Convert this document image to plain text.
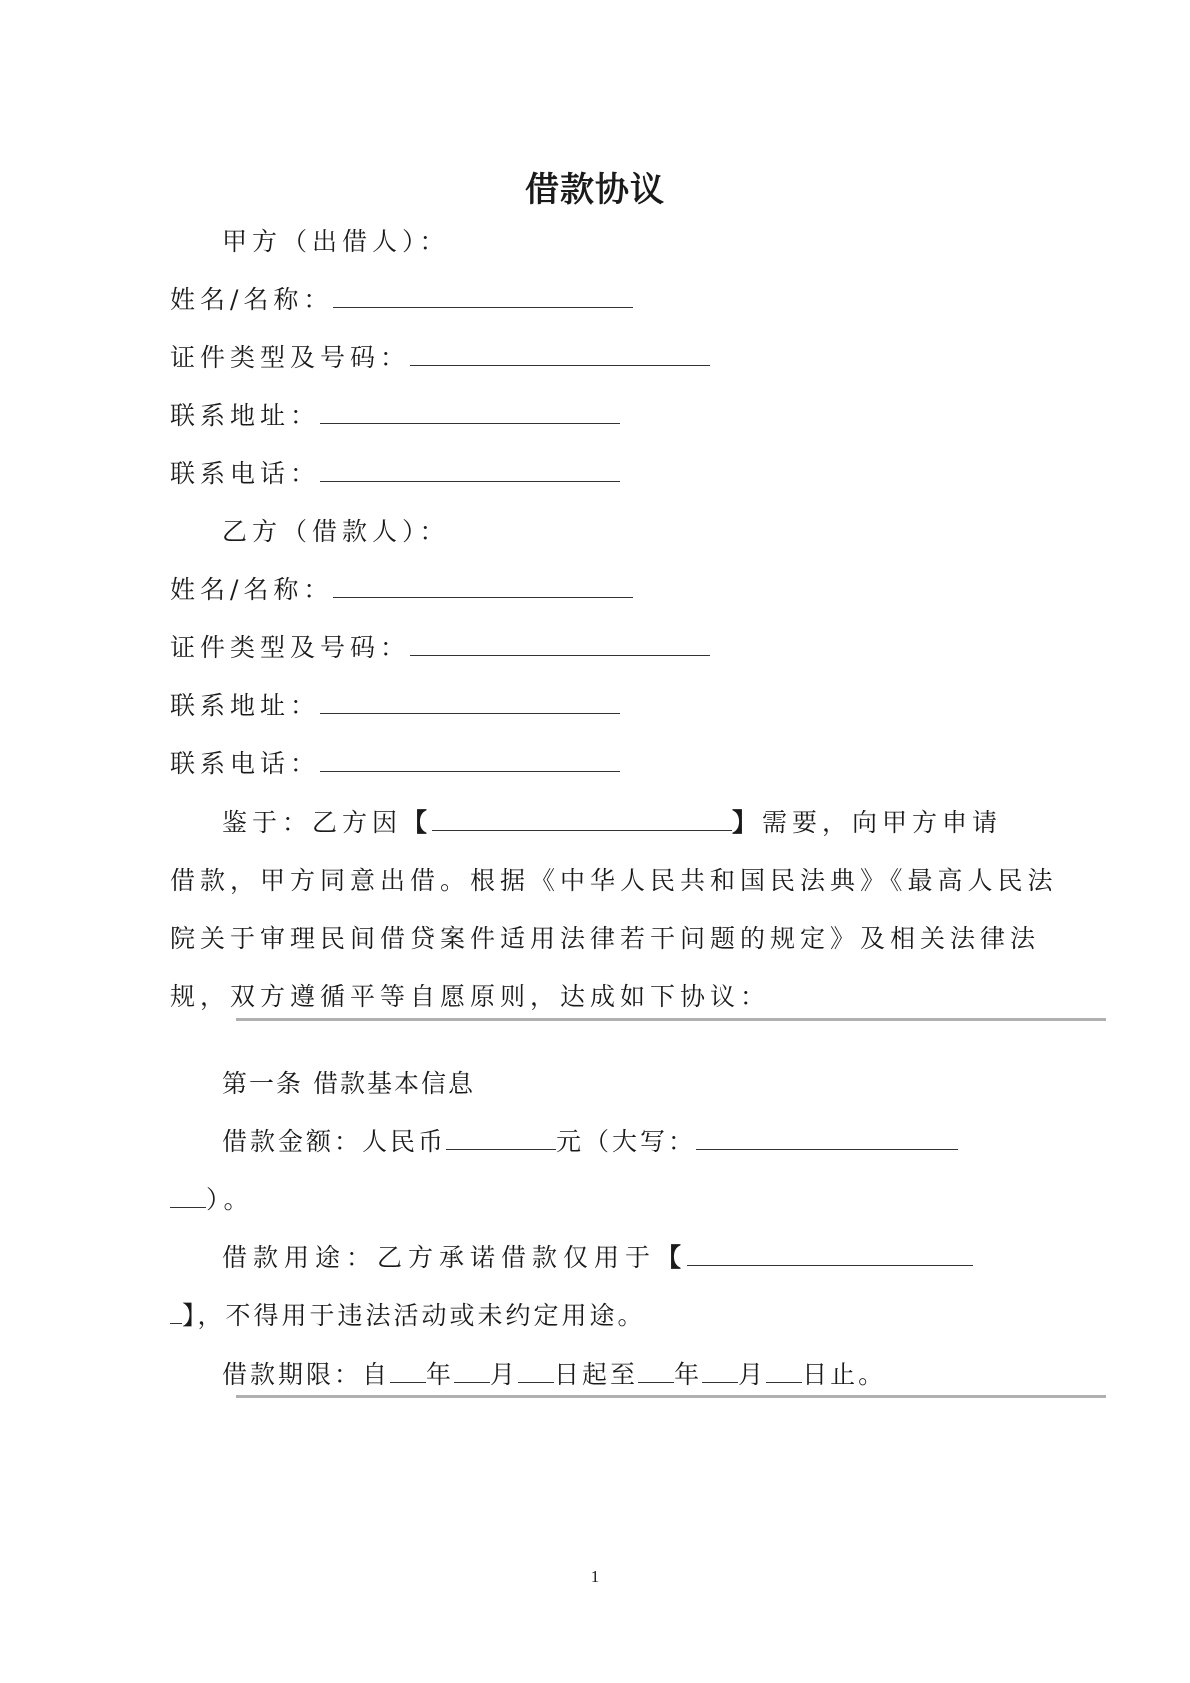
借款协议
甲方（出借人）：
姓名/名称：
证件类型及号码：
联系地址：
联系电话：
乙方（借款人）：
姓名/名称：
证件类型及号码：
联系地址：
联系电话：
鉴于：乙方因【	】需要，向甲方申请
借款，甲方同意出借。根据《中华人民共和国民法典》《最高人民法
院关于审理民间借贷案件适用法律若干问题的规定》及相关法律法
规，双方遵循平等自愿原则，达成如下协议：
第一条 借款基本信息
借款金额：人民币	元（大写：
）。
借款用途：乙方承诺借款仅用于【
】，不得用于违法活动或未约定用途。
借款期限：自 年 月 日起至 年 月 日止。
1
